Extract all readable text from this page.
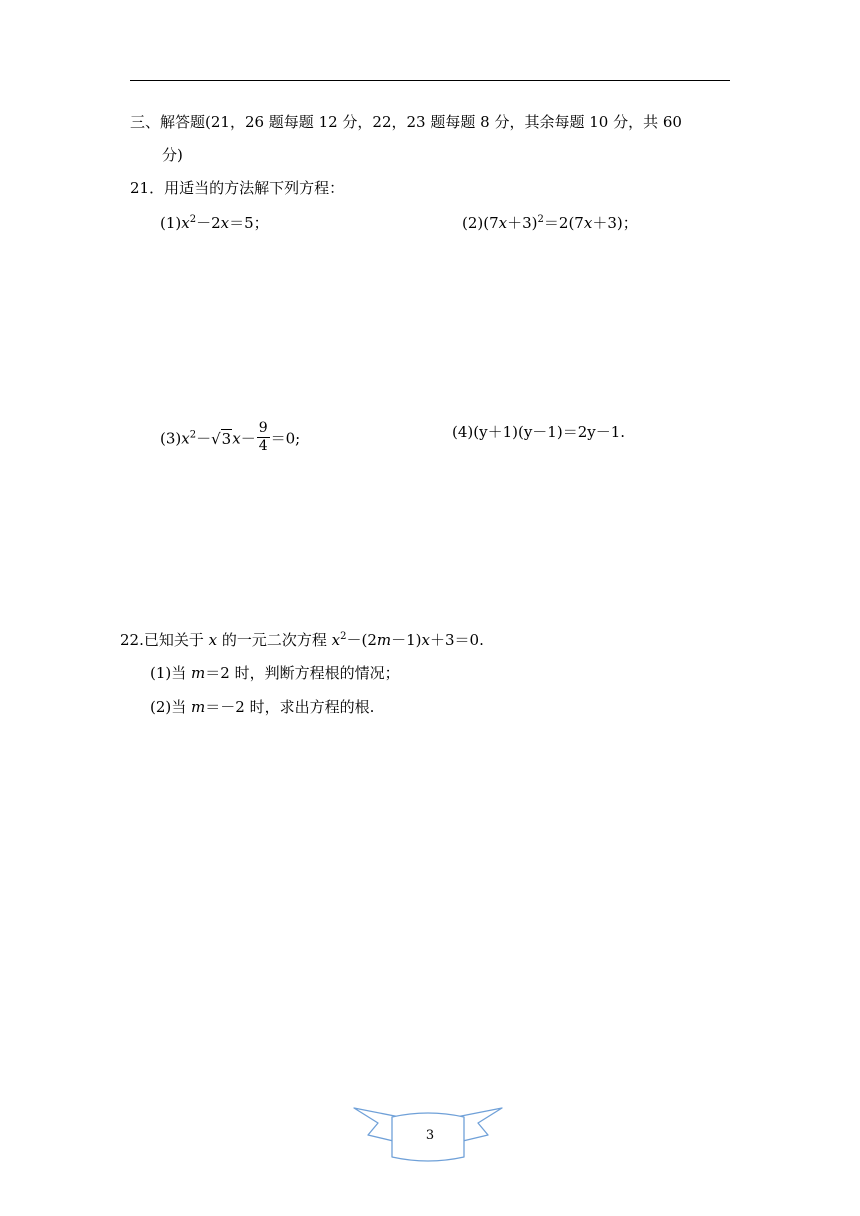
三、解答题(21，26 题每题 12 分，22，23 题每题 8 分，其余每题 10 分，共 60
分)
21．用适当的方法解下列方程：
$(1)x^2-2x=5$；	$(2)(7x+3)^2=2(7x+3)$；
$(3)x^2-√3x- \frac{9}{4} =0$;	(4)(y＋1)(y－1)＝2y－1.
22.已知关于 x 的一元二次方程 $x^2-(2m-1)x+3=0$.
(1)当 m＝2 时，判断方程根的情况；
(2)当 m＝－2 时，求出方程的根.
3
